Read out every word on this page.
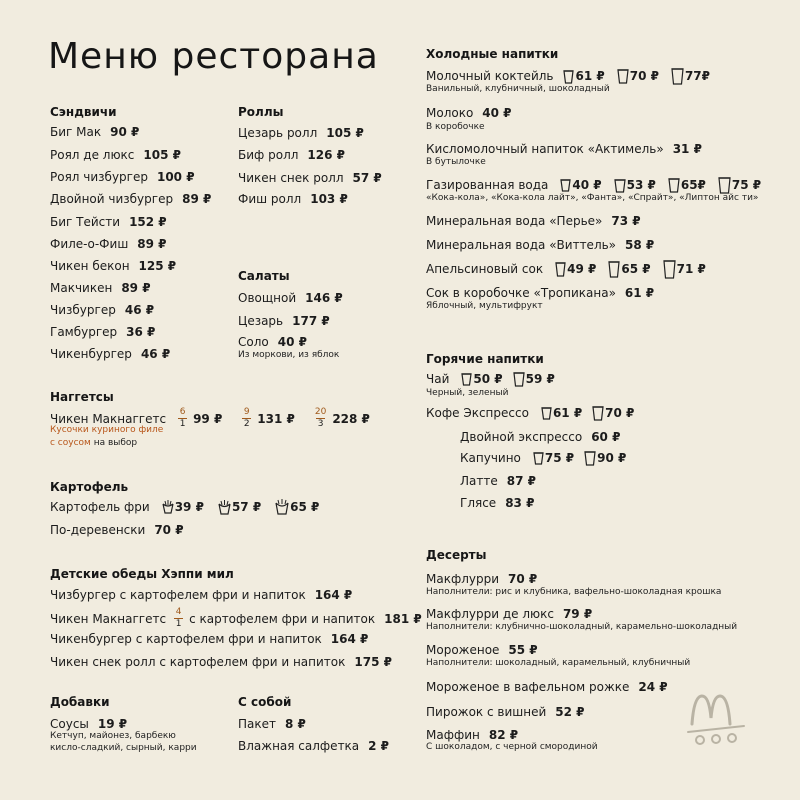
Меню ресторана
Сэндвичи
Биг Мак 90 ₽
Роял де люкс 105 ₽
Роял чизбургер 100 ₽
Двойной чизбургер 89 ₽
Биг Тейсти 152 ₽
Филе-о-Фиш 89 ₽
Чикен бекон 125 ₽
Макчикен 89 ₽
Чизбургер 46 ₽
Гамбургер 36 ₽
Чикенбургер 46 ₽
Роллы
Цезарь ролл 105 ₽
Биф ролл 126 ₽
Чикен снек ролл 57 ₽
Фиш ролл 103 ₽
Салаты
Овощной 146 ₽
Цезарь 177 ₽
Соло 40 ₽
Из моркови, из яблок
Наггетсы
Чикен Макнаггетс $\frac{6}{1} 99$ ₽ $\frac{9}{2} 131$ ₽ $\frac{20}{3} 228$ ₽
Кусочки куриного филе
с соусом на выбор
Картофель
Картофель фри 39 ₽ 57 ₽ 65 ₽
По-деревенски 70 ₽
Детские обеды Хэппи мил
Чизбургер с картофелем фри и напиток 164 ₽
Чикен Макнаггетс $\frac{4}{1}$ с картофелем фри и напиток 181 ₽
Чикенбургер с картофелем фри и напиток 164 ₽
Чикен снек ролл с картофелем фри и напиток 175 ₽
Добавки
Соусы 19 ₽
Кетчуп, майонез, барбекю
кисло-сладкий, сырный, карри
С собой
Пакет 8 ₽
Влажная салфетка 2 ₽
Холодные напитки
Молочный коктейль 61 ₽ 70 ₽ 77₽
Ванильный, клубничный, шоколадный
Молоко 40 ₽
В коробочке
Кисломолочный напиток «Актимель» 31 ₽
В бутылочке
Газированная вода 40 ₽ 53 ₽ 65₽ 75 ₽
«Кока-кола», «Кока-кола лайт», «Фанта», «Спрайт», «Липтон айс ти»
Минеральная вода «Перье» 73 ₽
Минеральная вода «Виттель» 58 ₽
Апельсиновый сок 49 ₽ 65 ₽ 71 ₽
Сок в коробочке «Тропикана» 61 ₽
Яблочный, мультифрукт
Горячие напитки
Чай 50 ₽ 59 ₽
Черный, зеленый
Кофе Экспрессо 61 ₽ 70 ₽
Двойной экспрессо 60 ₽
Капучино 75 ₽ 90 ₽
Латте 87 ₽
Глясе 83 ₽
Десерты
Макфлурри 70 ₽
Наполнители: рис и клубника, вафельно-шоколадная крошка
Макфлурри де люкс 79 ₽
Наполнители: клубнично-шоколадный, карамельно-шоколадный
Мороженое 55 ₽
Наполнители: шоколадный, карамельный, клубничный
Мороженое в вафельном рожке 24 ₽
Пирожок с вишней 52 ₽
Маффин 82 ₽
С шоколадом, с черной смородиной
